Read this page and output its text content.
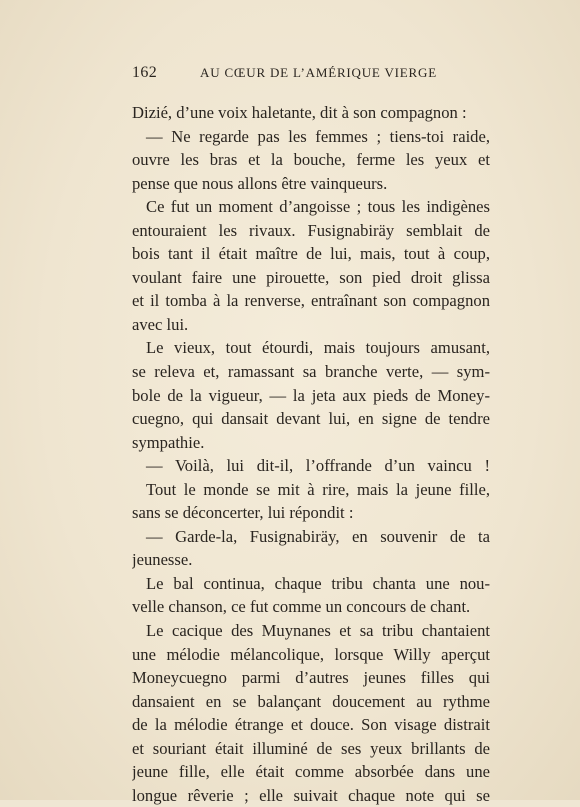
162	AU CŒUR DE L’AMÉRIQUE VIERGE
Dizié, d’une voix haletante, dit à son compagnon :
— Ne regarde pas les femmes ; tiens-toi raide,
ouvre les bras et la bouche, ferme les yeux et
pense que nous allons être vainqueurs.
Ce fut un moment d’angoisse ; tous les indigènes
entouraient les rivaux. Fusignabiräy semblait de
bois tant il était maître de lui, mais, tout à coup,
voulant faire une pirouette, son pied droit glissa
et il tomba à la renverse, entraînant son compagnon
avec lui.
Le vieux, tout étourdi, mais toujours amusant,
se releva et, ramassant sa branche verte, — sym-
bole de la vigueur, — la jeta aux pieds de Money-
cuegno, qui dansait devant lui, en signe de tendre
sympathie.
— Voilà, lui dit-il, l’offrande d’un vaincu !
Tout le monde se mit à rire, mais la jeune fille,
sans se déconcerter, lui répondit :
— Garde-la, Fusignabiräy, en souvenir de ta
jeunesse.
Le bal continua, chaque tribu chanta une nou-
velle chanson, ce fut comme un concours de chant.
Le cacique des Muynanes et sa tribu chantaient
une mélodie mélancolique, lorsque Willy aperçut
Moneycuegno parmi d’autres jeunes filles qui
dansaient en se balançant doucement au rythme
de la mélodie étrange et douce. Son visage distrait
et souriant était illuminé de ses yeux brillants de
jeune fille, elle était comme absorbée dans une
longue rêverie ; elle suivait chaque note qui se
